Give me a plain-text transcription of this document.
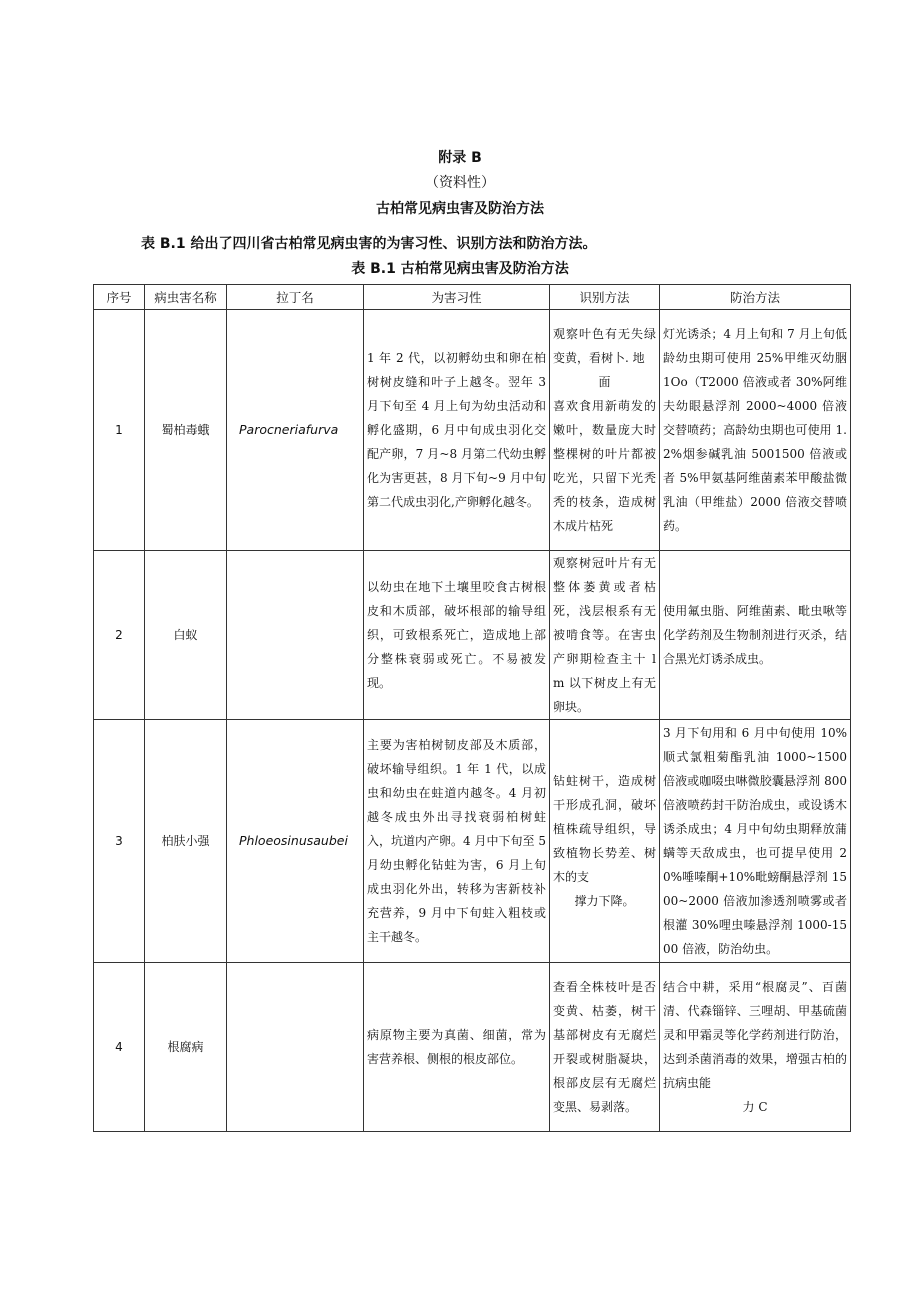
附录 B
（资料性）
古柏常见病虫害及防治方法
表 B.1 给出了四川省古柏常见病虫害的为害习性、识别方法和防治方法。
表 B.1 古柏常见病虫害及防治方法
序号	病虫害名称	拉丁名	为害习性	识别方法	防治方法
1	蜀柏毒蛾	Parocneriafurva	1 年 2 代，以初孵幼虫和卵在柏树树皮缝和叶子上越冬。翌年 3 月下旬至 4 月上旬为幼虫活动和孵化盛期，6 月中旬成虫羽化交配产卵，7 月~8 月第二代幼虫孵化为害更甚，8 月下旬~9 月中旬第二代成虫羽化,产卵孵化越冬。	观察叶色有无失绿变黄，看树卜. 地
面
喜欢食用新萌发的嫩叶，数量庞大时整棵树的叶片都被吃光，只留下光秃秃的枝条，造成树木成片枯死	灯光诱杀；4 月上旬和 7 月上旬低龄幼虫期可使用 25%甲维灭幼胭 1Oo（T2000 倍液或者 30%阿维夫幼眼悬浮剂 2000~4000 倍液交替喷药；高龄幼虫期也可使用 1.2%烟参碱乳油 5001500 倍液或者 5%甲氨基阿维菌素苯甲酸盐微乳油（甲维盐）2000 倍液交替喷药。
2	白蚁		以幼虫在地下土壤里咬食古树根皮和木质部，破坏根部的输导组织，可致根系死亡，造成地上部分整株衰弱或死亡。不易被发现。	观察树冠叶片有无整体萎黄或者枯死，浅层根系有无被啃食等。在害虫产卵期检查主十 lm 以下树皮上有无卵块。	使用氟虫脂、阿维菌素、毗虫啾等化学药剂及生物制剂进行灭杀，结合黑光灯诱杀成虫。
3	柏肤小强	Phloeosinusaubei	主要为害柏树韧皮部及木质部，破坏输导组织。1 年 1 代，以成虫和幼虫在蛀道内越冬。4 月初越冬成虫外出寻找衰弱柏树蛀入，坑道内产卵。4 月中下旬至 5 月幼虫孵化钻蛀为害，6 月上旬成虫羽化外出，转移为害新枝补充营养，9 月中下旬蛀入粗枝或主干越冬。	钻蛀树干，造成树干形成孔洞，破坏植株疏导组织，导致植物长势差、树木的支
撑力下降。	3 月下旬用和 6 月中旬使用 10%顺式氯粗菊酯乳油 1000~1500 倍液或咖啜虫啉微胶囊悬浮剂 800 倍液喷药封干防治成虫，或设诱木诱杀成虫；4 月中旬幼虫期释放蒲螨等天敌成虫，也可提早使用 20%唾嗪酮+10%毗螃酮悬浮剂 1500~2000 倍液加渗透剂喷雾或者根灌 30%哩虫嗪悬浮剂 1000-1500 倍液，防治幼虫。
4	根腐病		病原物主要为真菌、细菌，常为害营养根、侧根的根皮部位。	查看全株枝叶是否变黄、枯萎，树干基部树皮有无腐烂开裂或树脂凝块，根部皮层有无腐烂变黑、易剥落。	结合中耕，采用“根腐灵”、百菌清、代森锱锌、三哩胡、甲基硫菌灵和甲霜灵等化学药剂进行防治，达到杀菌消毒的效果，增强古柏的抗病虫能
力 C
